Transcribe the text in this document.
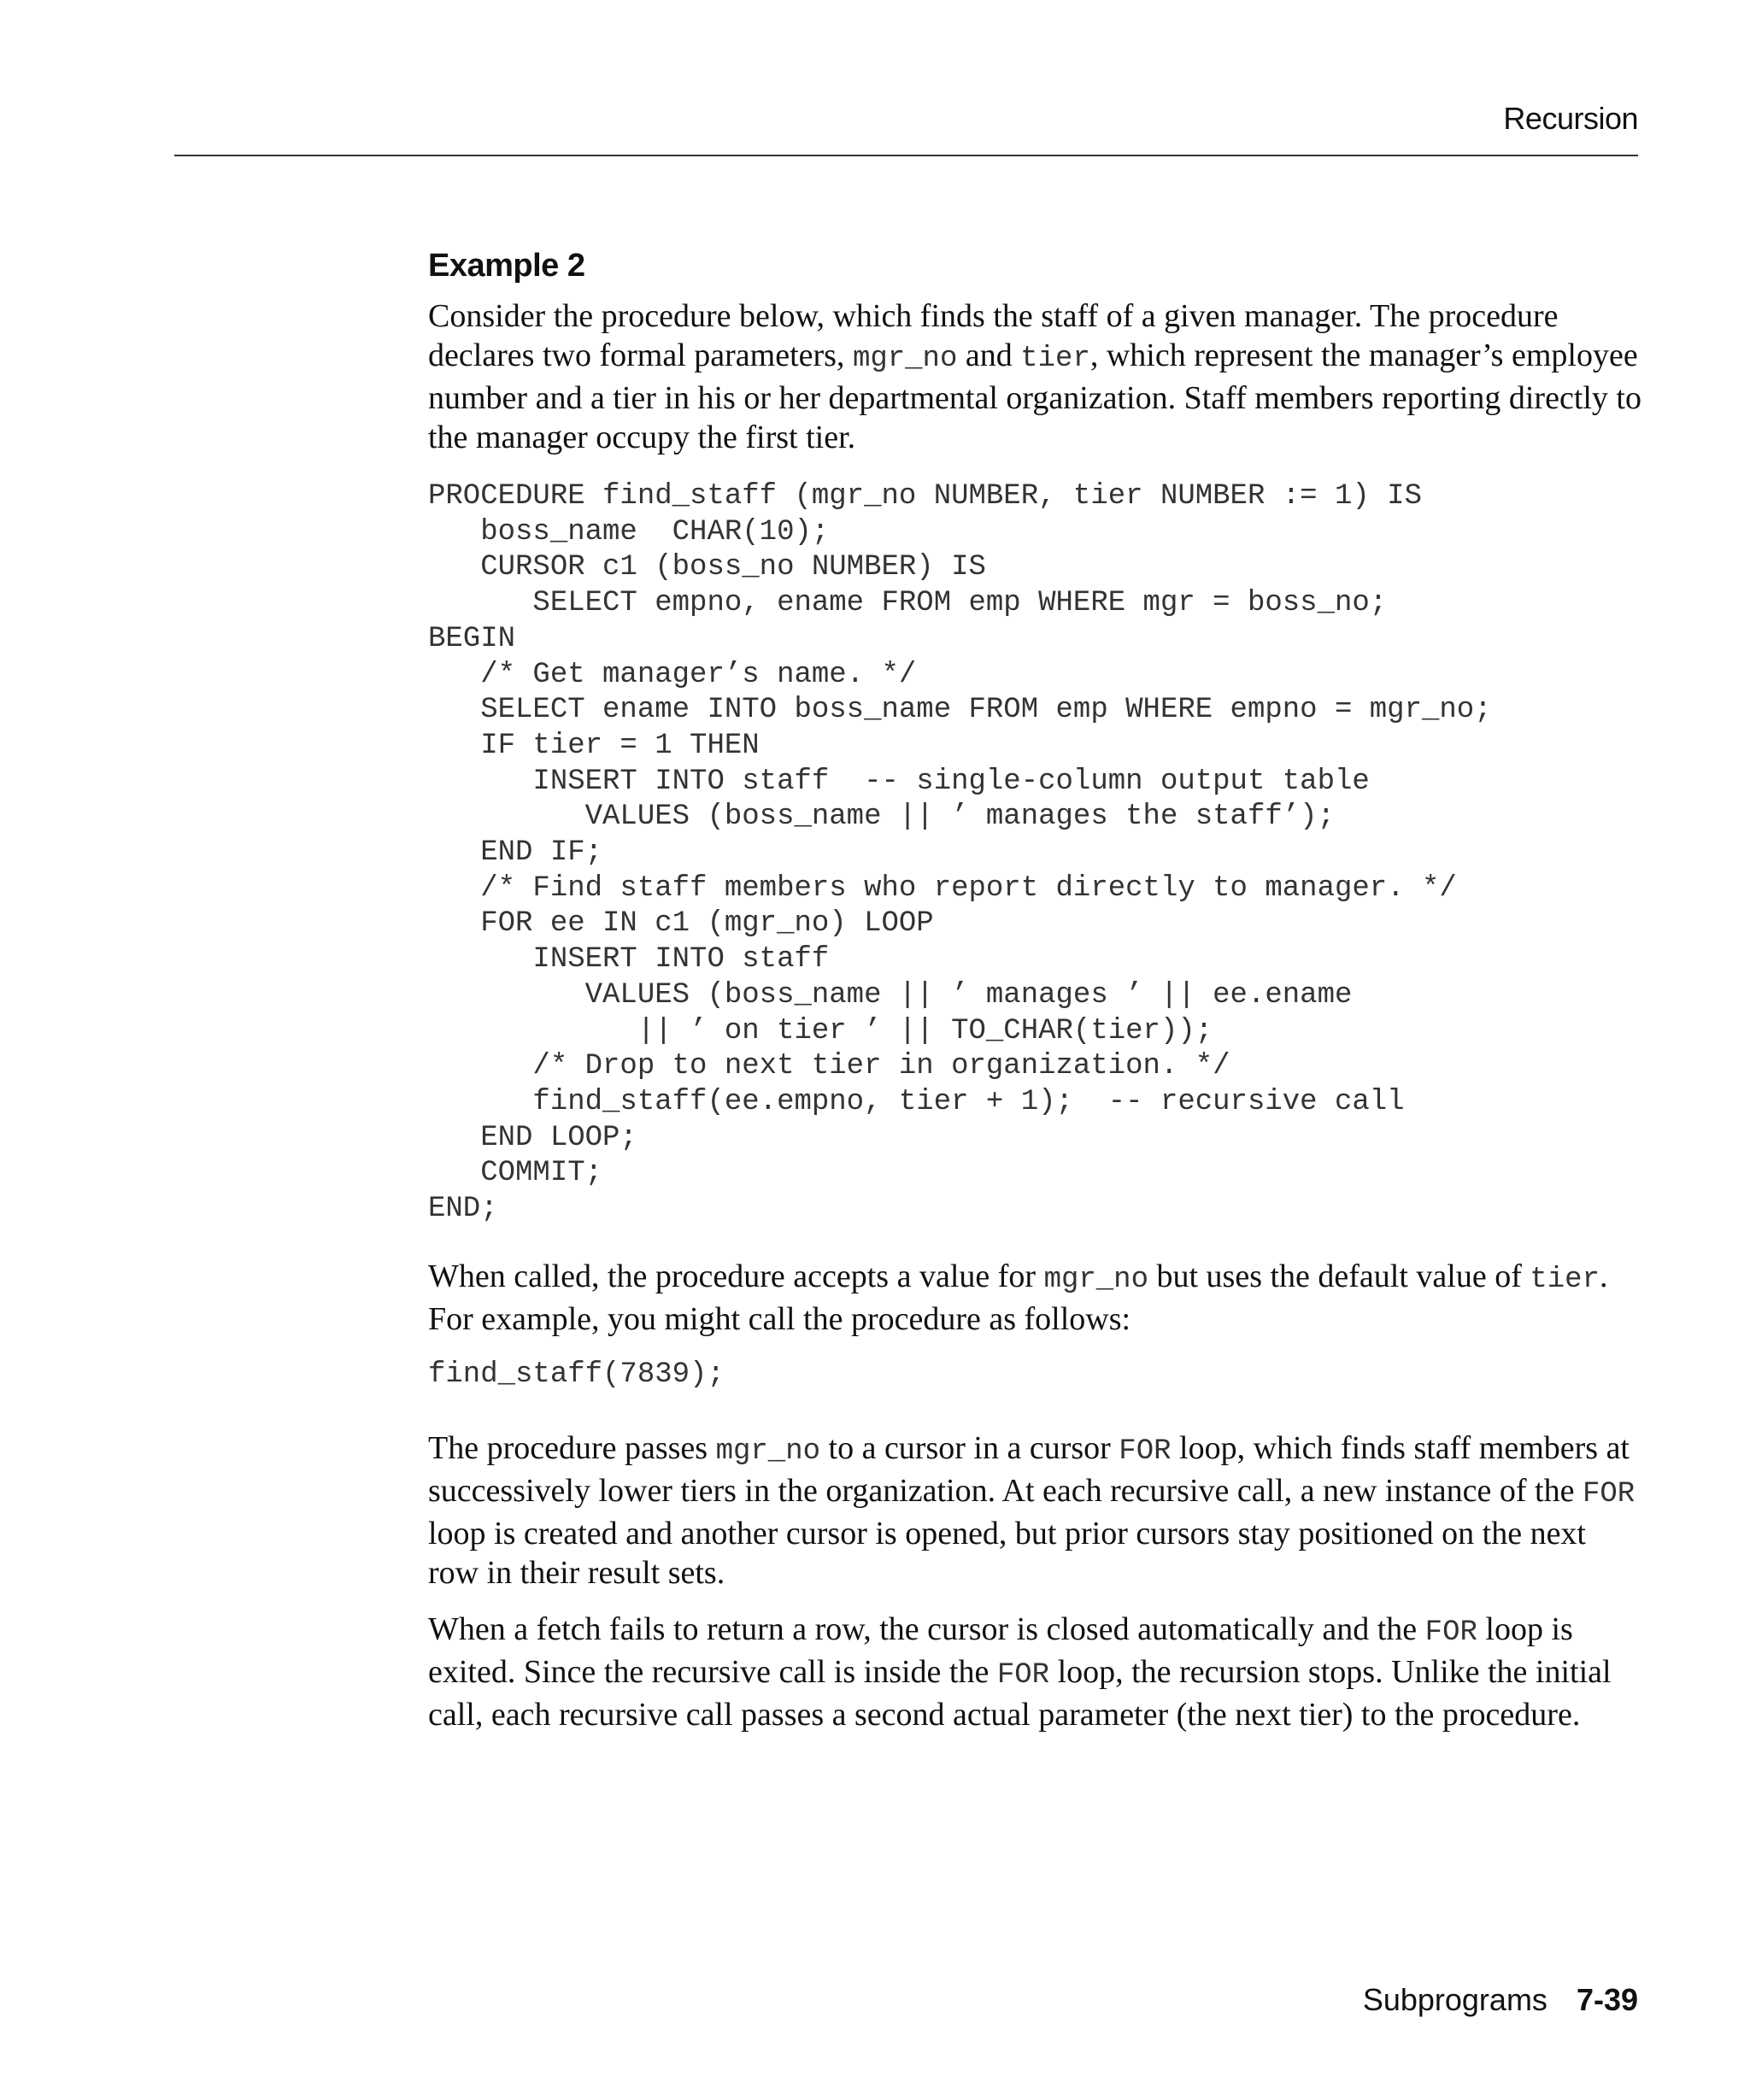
Recursion
Example 2

Consider the procedure below, which finds the staff of a given manager. The procedure declares two formal parameters, mgr_no and tier, which represent the manager’s employee number and a tier in his or her departmental organization. Staff members reporting directly to the manager occupy the first tier.

PROCEDURE find_staff (mgr_no NUMBER, tier NUMBER := 1) IS
boss_name  CHAR(10);
CURSOR c1 (boss_no NUMBER) IS
SELECT empno, ename FROM emp WHERE mgr = boss_no;
BEGIN
/* Get manager’s name. */
SELECT ename INTO boss_name FROM emp WHERE empno = mgr_no;
IF tier = 1 THEN
INSERT INTO staff  -- single-column output table
VALUES (boss_name || ’ manages the staff’);
END IF;
/* Find staff members who report directly to manager. */
FOR ee IN c1 (mgr_no) LOOP
INSERT INTO staff
VALUES (boss_name || ’ manages ’ || ee.ename
|| ’ on tier ’ || TO_CHAR(tier));
/* Drop to next tier in organization. */
find_staff(ee.empno, tier + 1);  -- recursive call
END LOOP;
COMMIT;
END;

When called, the procedure accepts a value for mgr_no but uses the default value of tier. For example, you might call the procedure as follows:

find_staff(7839);

The procedure passes mgr_no to a cursor in a cursor FOR loop, which finds staff members at successively lower tiers in the organization. At each recursive call, a new instance of the FOR loop is created and another cursor is opened, but prior cursors stay positioned on the next row in their result sets.

When a fetch fails to return a row, the cursor is closed automatically and the FOR loop is exited. Since the recursive call is inside the FOR loop, the recursion stops. Unlike the initial call, each recursive call passes a second actual parameter (the next tier) to the procedure.

Subprograms 7-39
